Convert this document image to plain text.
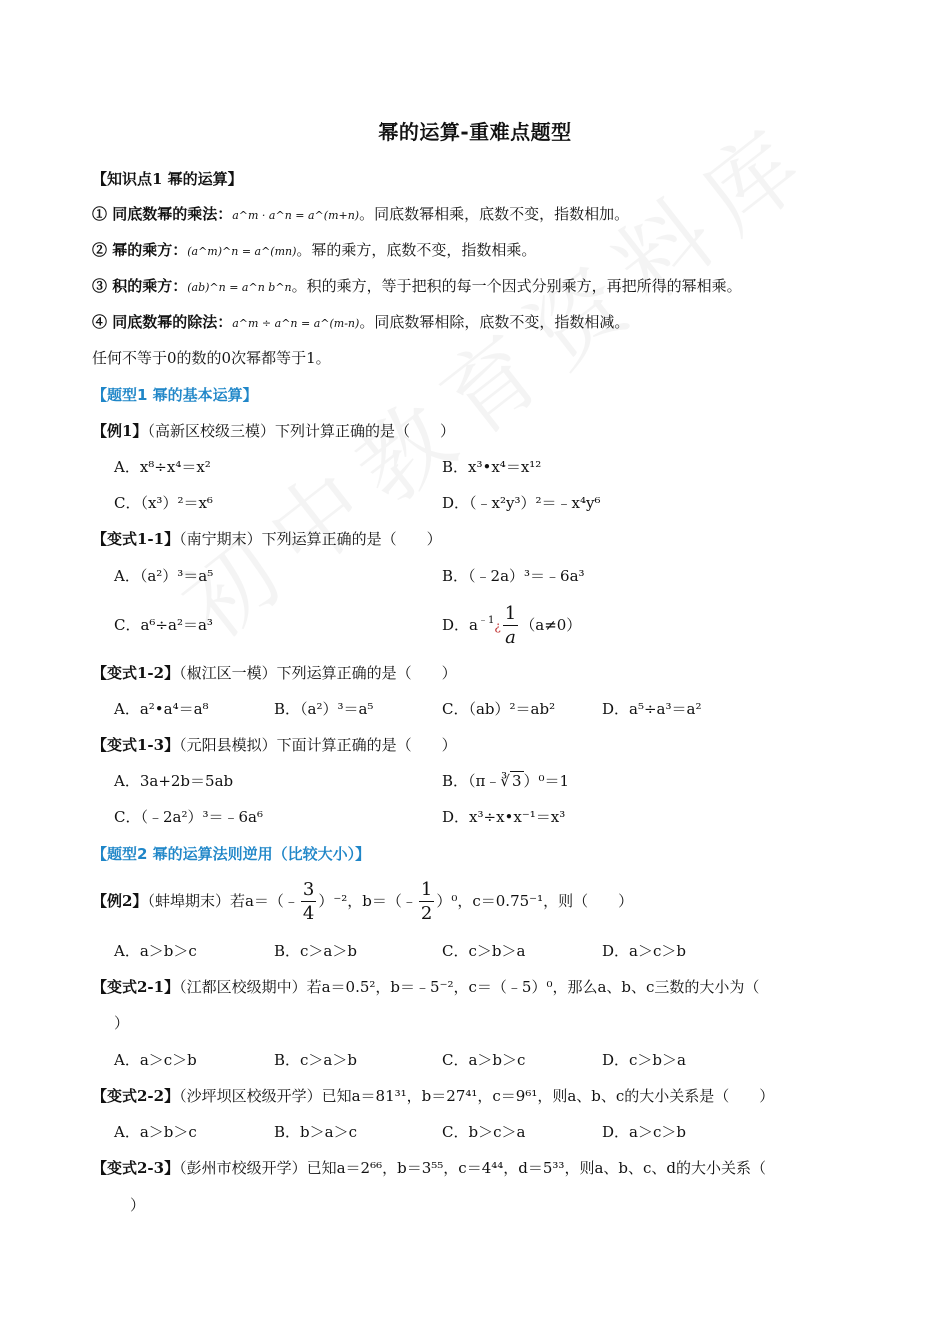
幂的运算-重难点题型
【知识点1 幂的运算】
① 同底数幂的乘法：a^m · a^n = a^(m+n)。同底数幂相乘，底数不变，指数相加。
② 幂的乘方：(a^m)^n = a^(mn)。幂的乘方，底数不变，指数相乘。
③ 积的乘方：(ab)^n = a^n b^n。积的乘方，等于把积的每一个因式分别乘方，再把所得的幂相乘。
④ 同底数幂的除法：a^m ÷ a^n = a^(m-n)。同底数幂相除，底数不变，指数相减。
任何不等于0的数的0次幂都等于1。
【题型1 幂的基本运算】
【例1】（高新区校级三模）下列计算正确的是（　　）
A．x⁸÷x⁴＝x²	B．x³•x⁴＝x¹²
C．（x³）²＝x⁶	D．（﹣x²y³）²＝﹣x⁴y⁶
【变式1-1】（南宁期末）下列运算正确的是（　　）
A．（a²）³＝a⁵	B．（﹣2a）³＝﹣6a³
C．a⁶÷a²＝a³	D．$a^{﹣1}¿ \frac{1}{a} (a\ne 0)$
【变式1-2】（椒江区一模）下列运算正确的是（　　）
A．a²•a⁴＝a⁸	B．（a²）³＝a⁵	C．（ab）²＝ab²	D．a⁵÷a³＝a²
【变式1-3】（元阳县模拟）下面计算正确的是（　　）
A．3a+2b＝5ab	B．（π﹣∛ 3 ）⁰＝1
C．（﹣2a²）³＝﹣6a⁶	D．x³÷x•x⁻¹＝x³
【题型2 幂的运算法则逆用（比较大小）】
【例2】（蚌埠期末）若a＝（﹣ $\frac{3}{4} )^{-2}$，b＝（﹣ $\frac{1}{2} )^0$，c＝0.75⁻¹，则（　　）
A．a＞b＞c	B．c＞a＞b	C．c＞b＞a	D．a＞c＞b
【变式2-1】（江都区校级期中）若a＝0.5²，b＝﹣5⁻²，c＝（﹣5）⁰，那么a、b、c三数的大小为（
）
A．a＞c＞b	B．c＞a＞b	C．a＞b＞c	D．c＞b＞a
【变式2-2】（沙坪坝区校级开学）已知a＝81³¹，b＝27⁴¹，c＝9⁶¹，则a、b、c的大小关系是（　　）
A．a＞b＞c	B．b＞a＞c	C．b＞c＞a	D．a＞c＞b
【变式2-3】（彭州市校级开学）已知a＝2⁶⁶，b＝3⁵⁵，c＝4⁴⁴，d＝5³³，则a、b、c、d的大小关系（
）
